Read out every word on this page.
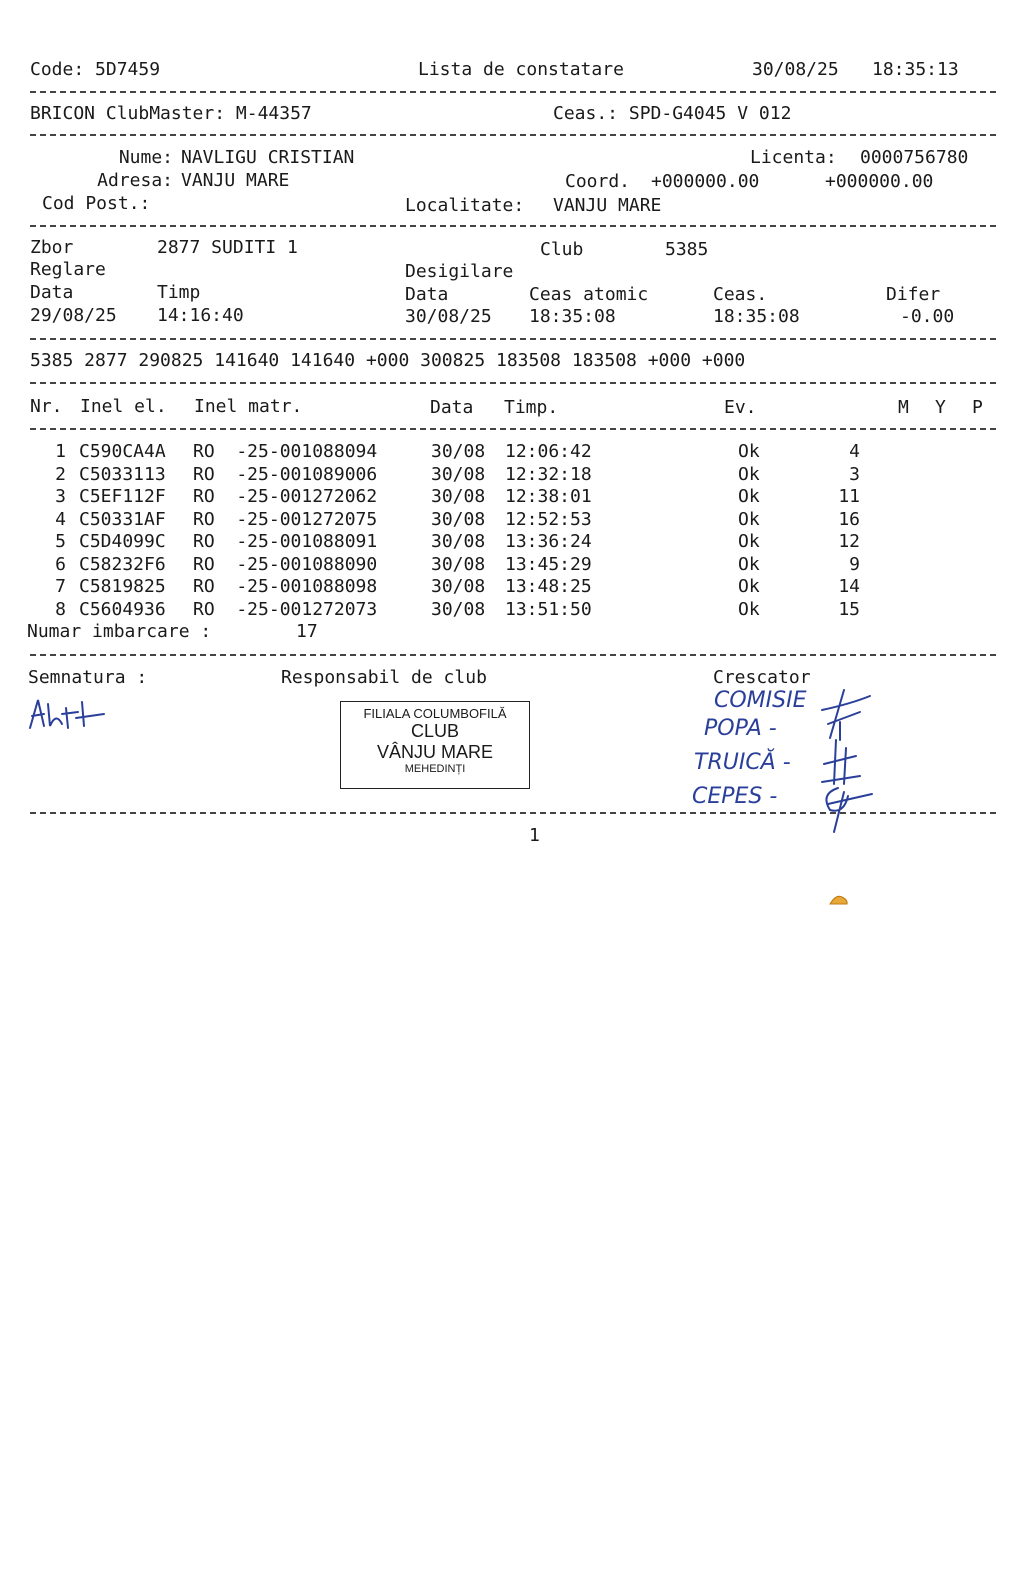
Code: 5D7459	Lista de constatare	30/08/25 18:35:13
BRICON ClubMaster: M-44357	Ceas.: SPD-G4045 V 012
Nume: NAVLIGU CRISTIAN	Licenta: 0000756780
Adresa: VANJU MARE	Coord. +000000.00	+000000.00
Cod Post.:	Localitate: VANJU MARE
Zbor	2877 SUDITI 1	Club	5385
Reglare	Desigilare
Data	Timp	Data	Ceas atomic	Ceas.	Difer
29/08/25 14:16:40	30/08/25 18:35:08	18:35:08	-0.00
5385 2877 290825 141640 141640 +000 300825 183508 183508 +000 +000
Nr. Inel el. Inel matr.	Data Timp.	Ev.	M Y P
1 C590CA4A RO  -25-001088094	30/08 12:06:42	Ok	4
2 C5033113 RO  -25-001089006	30/08 12:32:18	Ok	3
3 C5EF112F RO  -25-001272062	30/08 12:38:01	Ok	11
4 C50331AF RO  -25-001272075	30/08 12:52:53	Ok	16
5 C5D4099C RO  -25-001088091	30/08 13:36:24	Ok	12
6 C58232F6 RO  -25-001088090	30/08 13:45:29	Ok	9
7 C5819825 RO  -25-001088098	30/08 13:48:25	Ok	14
8 C5604936 RO  -25-001272073	30/08 13:51:50	Ok	15
Numar imbarcare :	17
Semnatura :	Responsabil de club	Crescator
FILIALA COLUMBOFILĂ
CLUB
VÂNJU MARE
MEHEDINȚI
COMISIE
POPA -
TRUICĂ -
CEPES -
1
